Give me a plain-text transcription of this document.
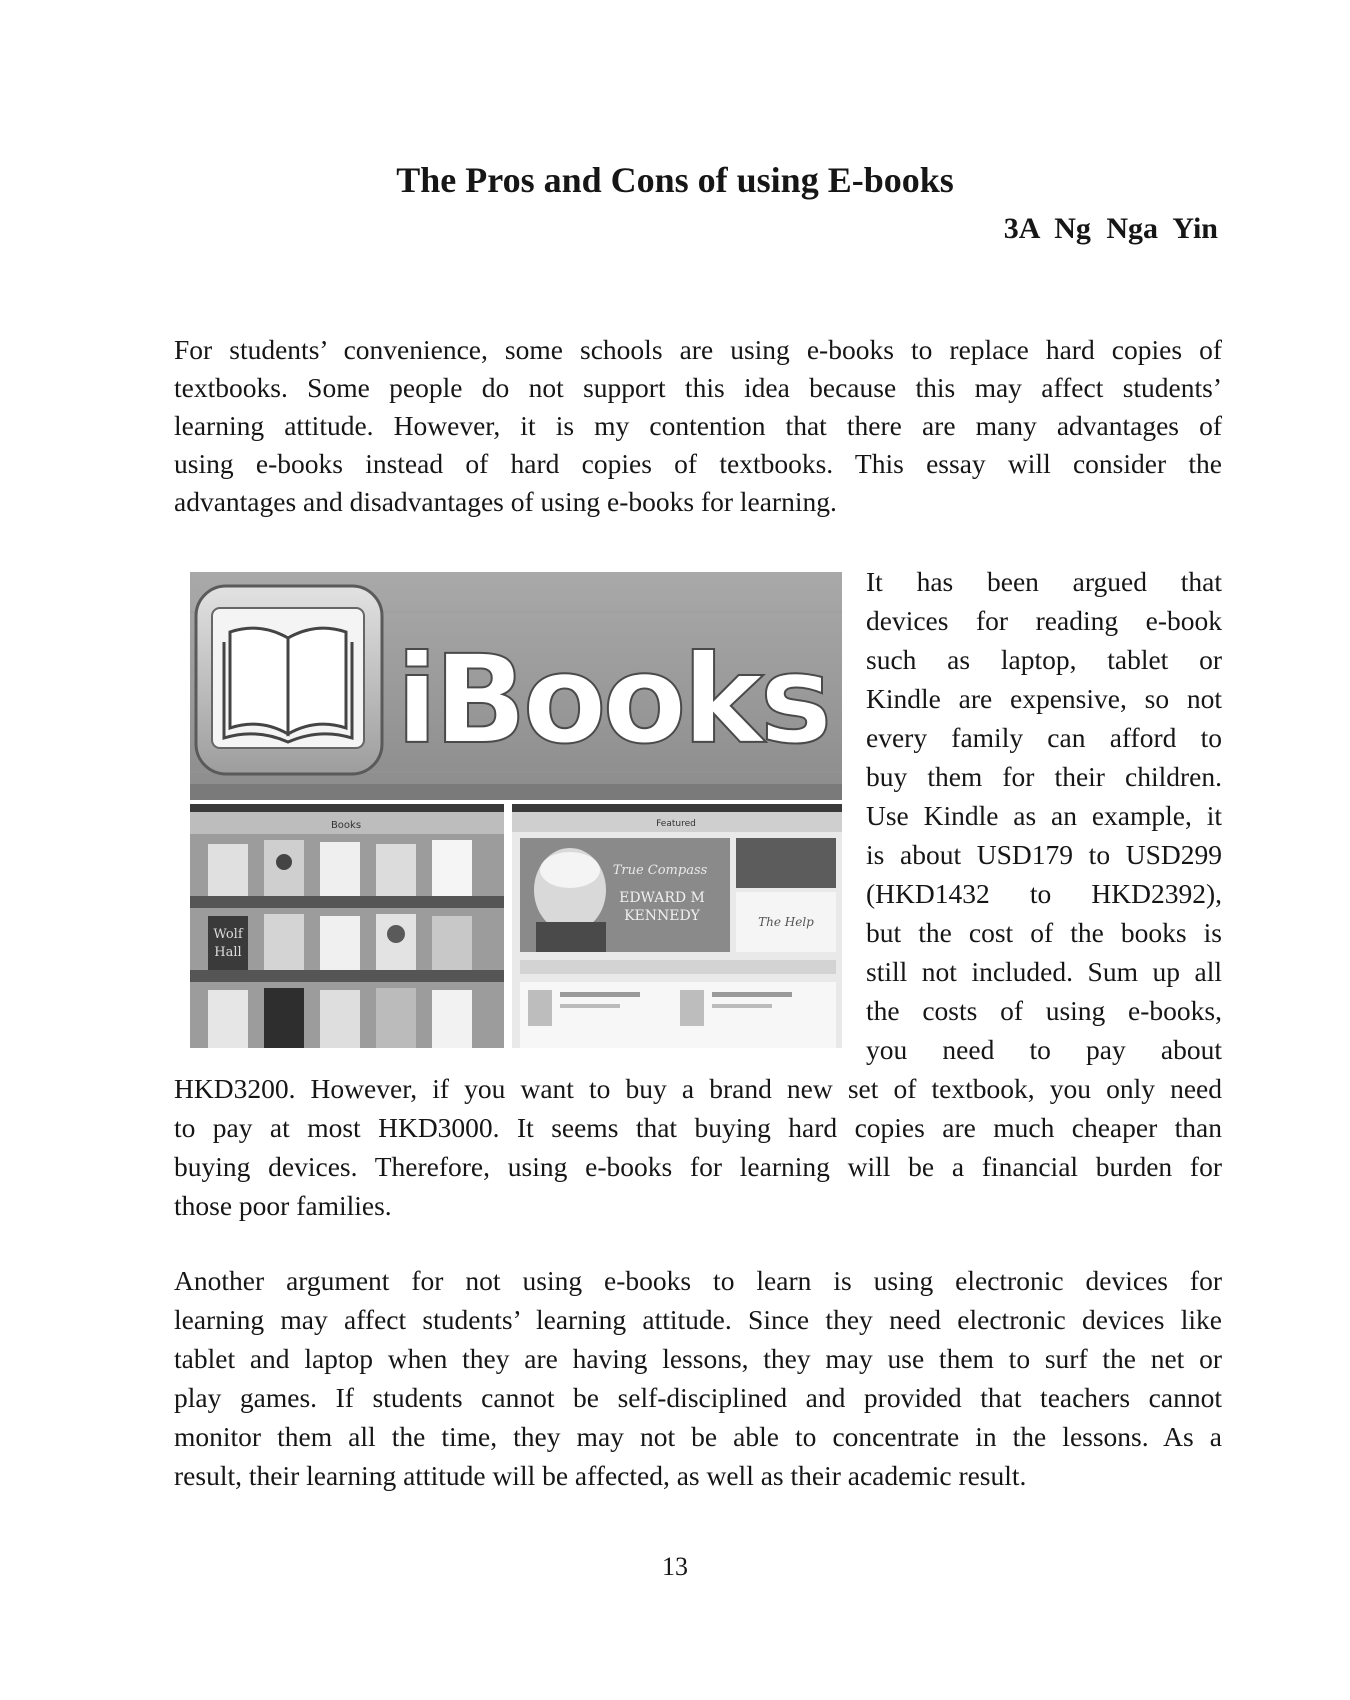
The Pros and Cons of using E-books
3A Ng Nga Yin
For students’ convenience, some schools are using e-books to replace hard copies of
textbooks. Some people do not support this idea because this may affect students’
learning attitude. However, it is my contention that there are many advantages of
using e-books instead of hard copies of textbooks. This essay will consider the
advantages and disadvantages of using e-books for learning.
iBooks
Books
Wolf
Hall
Featured
True Compass
EDWARD M
KENNEDY	The Help
It has been argued that
devices for reading e-book
such as laptop, tablet or
Kindle are expensive, so not
every family can afford to
buy them for their children.
Use Kindle as an example, it
is about USD179 to USD299
(HKD1432 to HKD2392),
but the cost of the books is
still not included. Sum up all
the costs of using e-books,
you need to pay about
HKD3200. However, if you want to buy a brand new set of textbook, you only need
to pay at most HKD3000. It seems that buying hard copies are much cheaper than
buying devices. Therefore, using e-books for learning will be a financial burden for
those poor families.
Another argument for not using e-books to learn is using electronic devices for
learning may affect students’ learning attitude. Since they need electronic devices like
tablet and laptop when they are having lessons, they may use them to surf the net or
play games. If students cannot be self-disciplined and provided that teachers cannot
monitor them all the time, they may not be able to concentrate in the lessons. As a
result, their learning attitude will be affected, as well as their academic result.
13
